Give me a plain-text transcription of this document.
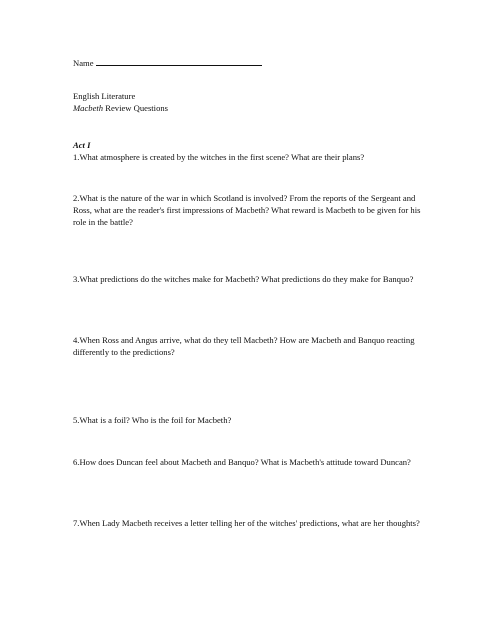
Name
English Literature
Macbeth Review Questions
Act I
1.What atmosphere is created by the witches in the first scene? What are their plans?
2.What is the nature of the war in which Scotland is involved? From the reports of the Sergeant and Ross, what are the reader's first impressions of Macbeth? What reward is Macbeth to be given for his role in the battle?
3.What predictions do the witches make for Macbeth? What predictions do they make for Banquo?
4.When Ross and Angus arrive, what do they tell Macbeth? How are Macbeth and Banquo reacting differently to the predictions?
5.What is a foil? Who is the foil for Macbeth?
6.How does Duncan feel about Macbeth and Banquo? What is Macbeth's attitude toward Duncan?
7.When Lady Macbeth receives a letter telling her of the witches' predictions, what are her thoughts?
